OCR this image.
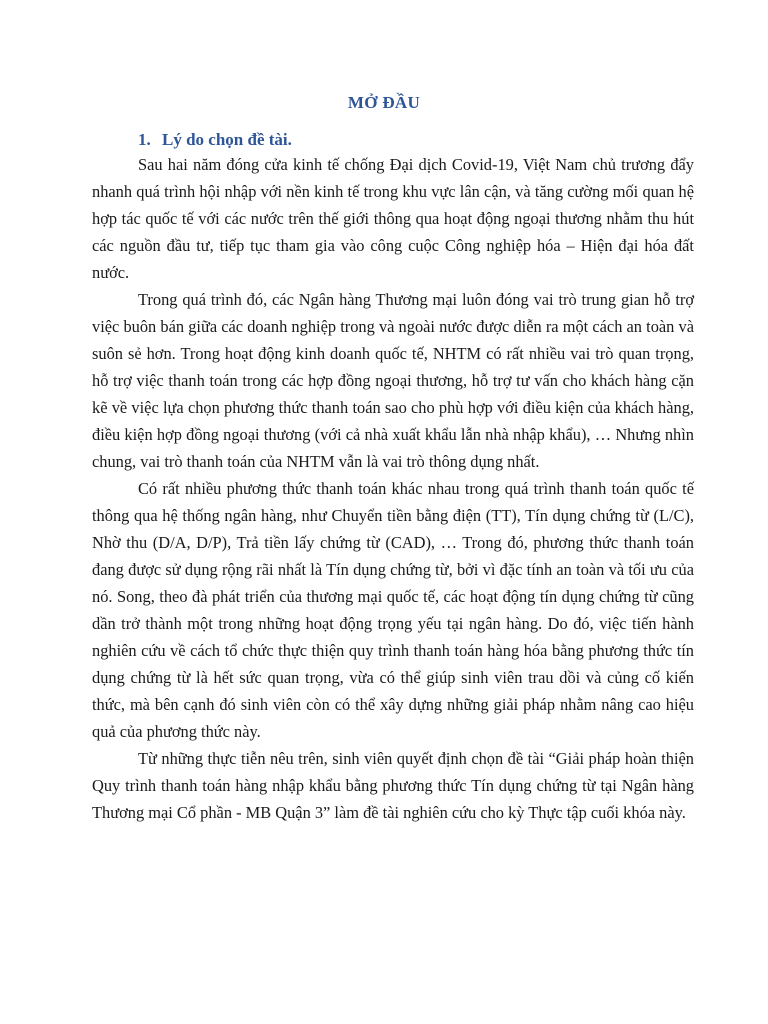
MỞ ĐẦU
1. Lý do chọn đề tài.

Sau hai năm đóng cửa kinh tế chống Đại dịch Covid-19, Việt Nam chủ trương đẩy nhanh quá trình hội nhập với nền kinh tế trong khu vực lân cận, và tăng cường mối quan hệ hợp tác quốc tế với các nước trên thế giới thông qua hoạt động ngoại thương nhằm thu hút các nguồn đầu tư, tiếp tục tham gia vào công cuộc Công nghiệp hóa – Hiện đại hóa đất nước.

Trong quá trình đó, các Ngân hàng Thương mại luôn đóng vai trò trung gian hỗ trợ việc buôn bán giữa các doanh nghiệp trong và ngoài nước được diễn ra một cách an toàn và suôn sẻ hơn. Trong hoạt động kinh doanh quốc tế, NHTM có rất nhiều vai trò quan trọng, hỗ trợ việc thanh toán trong các hợp đồng ngoại thương, hỗ trợ tư vấn cho khách hàng cặn kẽ về việc lựa chọn phương thức thanh toán sao cho phù hợp với điều kiện của khách hàng, điều kiện hợp đồng ngoại thương (với cả nhà xuất khẩu lẫn nhà nhập khẩu), … Nhưng nhìn chung, vai trò thanh toán của NHTM vẫn là vai trò thông dụng nhất.

Có rất nhiều phương thức thanh toán khác nhau trong quá trình thanh toán quốc tế thông qua hệ thống ngân hàng, như Chuyển tiền bằng điện (TT), Tín dụng chứng từ (L/C), Nhờ thu (D/A, D/P), Trả tiền lấy chứng từ (CAD), … Trong đó, phương thức thanh toán đang được sử dụng rộng rãi nhất là Tín dụng chứng từ, bởi vì đặc tính an toàn và tối ưu của nó. Song, theo đà phát triển của thương mại quốc tế, các hoạt động tín dụng chứng từ cũng dần trở thành một trong những hoạt động trọng yếu tại ngân hàng. Do đó, việc tiến hành nghiên cứu về cách tổ chức thực thiện quy trình thanh toán hàng hóa bằng phương thức tín dụng chứng từ là hết sức quan trọng, vừa có thể giúp sinh viên trau dồi và củng cố kiến thức, mà bên cạnh đó sinh viên còn có thể xây dựng những giải pháp nhằm nâng cao hiệu quả của phương thức này.

Từ những thực tiễn nêu trên, sinh viên quyết định chọn đề tài “Giải pháp hoàn thiện Quy trình thanh toán hàng nhập khẩu bằng phương thức Tín dụng chứng từ tại Ngân hàng Thương mại Cổ phần - MB Quận 3” làm đề tài nghiên cứu cho kỳ Thực tập cuối khóa này.
